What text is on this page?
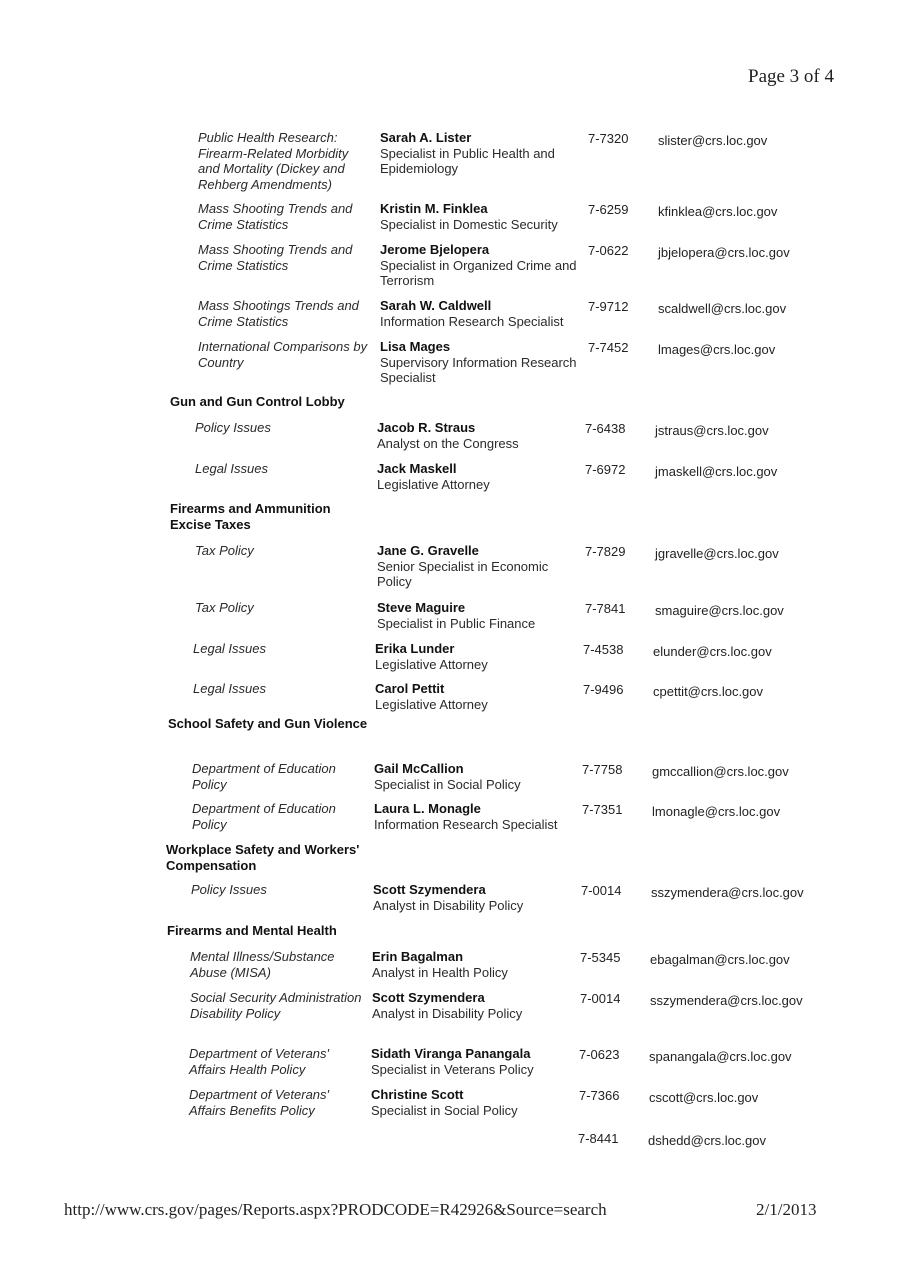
Page 3 of 4
Public Health Research: Firearm-Related Morbidity and Mortality (Dickey and Rehberg Amendments)
Sarah A. Lister
Specialist in Public Health and Epidemiology
7-7320 slister@crs.loc.gov
Mass Shooting Trends and Crime Statistics
Kristin M. Finklea
Specialist in Domestic Security
7-6259 kfinklea@crs.loc.gov
Mass Shooting Trends and Crime Statistics
Jerome Bjelopera
Specialist in Organized Crime and Terrorism
7-0622 jbjelopera@crs.loc.gov
Mass Shootings Trends and Crime Statistics
Sarah W. Caldwell
Information Research Specialist
7-9712 scaldwell@crs.loc.gov
International Comparisons by Country
Lisa Mages
Supervisory Information Research Specialist
7-7452 lmages@crs.loc.gov
Gun and Gun Control Lobby
Policy Issues	Jacob R. Straus
Analyst on the Congress
7-6438 jstraus@crs.loc.gov
Legal Issues	Jack Maskell
Legislative Attorney
7-6972 jmaskell@crs.loc.gov
Firearms and Ammunition Excise Taxes
Tax Policy	Jane G. Gravelle
Senior Specialist in Economic Policy
7-7829 jgravelle@crs.loc.gov
Tax Policy	Steve Maguire
Specialist in Public Finance
7-7841 smaguire@crs.loc.gov
Legal Issues	Erika Lunder
Legislative Attorney
7-4538 elunder@crs.loc.gov
Legal Issues	Carol Pettit
Legislative Attorney
7-9496 cpettit@crs.loc.gov
School Safety and Gun Violence
Department of Education Policy
Gail McCallion
Specialist in Social Policy
7-7758 gmccallion@crs.loc.gov
Department of Education Policy
Laura L. Monagle
Information Research Specialist
7-7351 lmonagle@crs.loc.gov
Workplace Safety and Workers' Compensation
Policy Issues	Scott Szymendera
Analyst in Disability Policy
7-0014 sszymendera@crs.loc.gov
Firearms and Mental Health
Mental Illness/Substance Abuse (MISA)
Erin Bagalman
Analyst in Health Policy
7-5345 ebagalman@crs.loc.gov
Social Security Administration Disability Policy
Scott Szymendera
Analyst in Disability Policy
7-0014 sszymendera@crs.loc.gov
Department of Veterans' Affairs Health Policy
Sidath Viranga Panangala
Specialist in Veterans Policy
7-0623 spanangala@crs.loc.gov
Department of Veterans' Affairs Benefits Policy
Christine Scott
Specialist in Social Policy
7-7366 cscott@crs.loc.gov
7-8441 dshedd@crs.loc.gov
http://www.crs.gov/pages/Reports.aspx?PRODCODE=R42926&Source=search	2/1/2013
